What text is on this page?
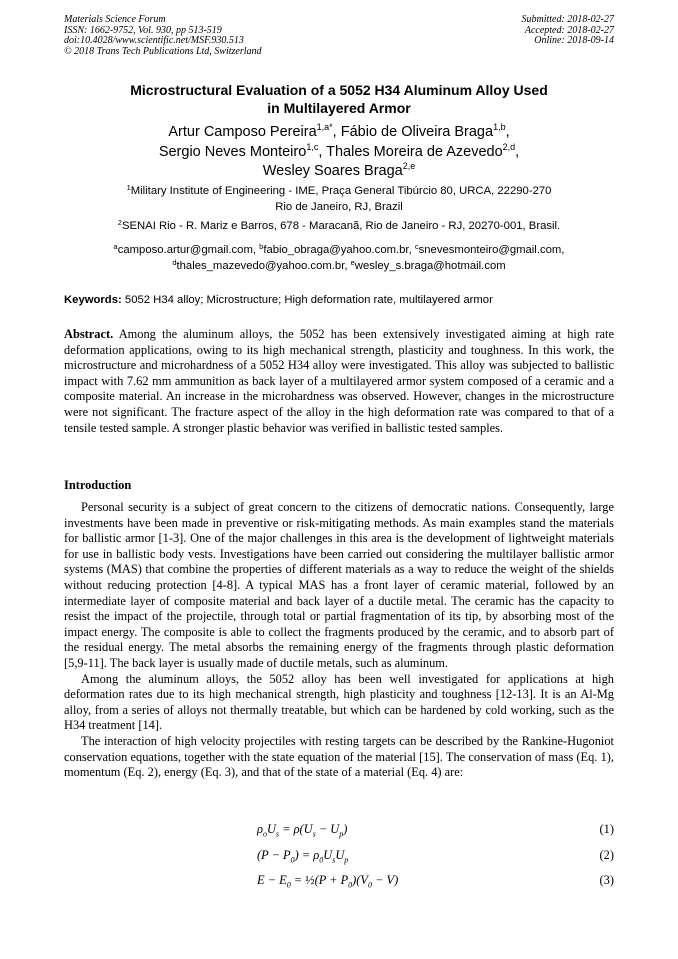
Materials Science Forum
ISSN: 1662-9752, Vol. 930, pp 513-519
doi:10.4028/www.scientific.net/MSF.930.513
© 2018 Trans Tech Publications Ltd, Switzerland
Submitted: 2018-02-27
Accepted: 2018-02-27
Online: 2018-09-14
Microstructural Evaluation of a 5052 H34 Aluminum Alloy Used
in Multilayered Armor
Artur Camposo Pereira$^{1,a*}$, Fábio de Oliveira Braga$^{1,b}$,
Sergio Neves Monteiro$^{1,c}$, Thales Moreira de Azevedo$^{2,d}$,
Wesley Soares Braga$^{2,e}$
$^1$Military Institute of Engineering - IME, Praça General Tibúrcio 80, URCA, 22290-270
Rio de Janeiro, RJ, Brazil
$^2$SENAI Rio - R. Mariz e Barros, 678 - Maracanã, Rio de Janeiro - RJ, 20270-001, Brasil.
$^a$camposo.artur@gmail.com, $^b$fabio_obraga@yahoo.com.br, $^c$snevesmonteiro@gmail.com,
$^d$thales_mazevedo@yahoo.com.br, $^e$wesley_s.braga@hotmail.com
Keywords: 5052 H34 alloy; Microstructure; High deformation rate, multilayered armor
Abstract. Among the aluminum alloys, the 5052 has been extensively investigated aiming at high rate deformation applications, owing to its high mechanical strength, plasticity and toughness. In this work, the microstructure and microhardness of a 5052 H34 alloy were investigated. This alloy was subjected to ballistic impact with 7.62 mm ammunition as back layer of a multilayered armor system composed of a ceramic and a composite material. An increase in the microhardness was observed. However, changes in the microstructure were not significant. The fracture aspect of the alloy in the high deformation rate was compared to that of a tensile tested sample. A stronger plastic behavior was verified in ballistic tested samples.
Introduction

Personal security is a subject of great concern to the citizens of democratic nations. Consequently, large investments have been made in preventive or risk-mitigating methods. As main examples stand the materials for ballistic armor [1-3]. One of the major challenges in this area is the development of lightweight materials for use in ballistic body vests. Investigations have been carried out considering the multilayer ballistic armor systems (MAS) that combine the properties of different materials as a way to reduce the weight of the shields without reducing protection [4-8]. A typical MAS has a front layer of ceramic material, followed by an intermediate layer of composite material and back layer of a ductile metal. The ceramic has the capacity to resist the impact of the projectile, through total or partial fragmentation of its tip, by absorbing most of the impact energy. The composite is able to collect the fragments produced by the ceramic, and to absorb part of the residual energy. The metal absorbs the remaining energy of the fragments through plastic deformation [5,9-11]. The back layer is usually made of ductile metals, such as aluminum.

Among the aluminum alloys, the 5052 alloy has been well investigated for applications at high deformation rates due to its high mechanical strength, high plasticity and toughness [12-13]. It is an Al-Mg alloy, from a series of alloys not thermally treatable, but which can be hardened by cold working, such as the H34 treatment [14].

The interaction of high velocity projectiles with resting targets can be described by the Rankine-Hugoniot conservation equations, together with the state equation of the material [15]. The conservation of mass (Eq. 1), momentum (Eq. 2), energy (Eq. 3), and that of the state of a material (Eq. 4) are:

$\rho_oU_s = \rho(U_s - U_p)$	(1)
$(P - P_0) = \rho_0U_sU_p$	(2)
$E - E_0$ = ½(P + $P_0)(V_0 - V)$	(3)
